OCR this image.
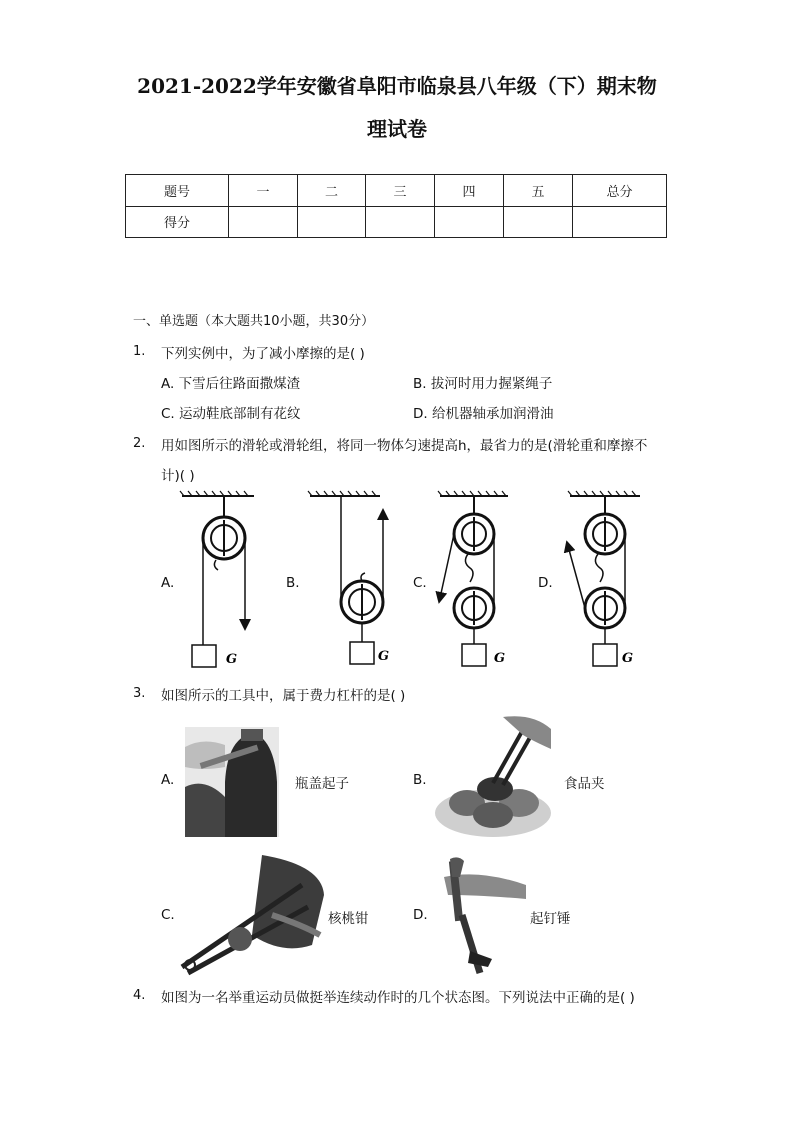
2021-2022学年安徽省阜阳市临泉县八年级（下）期末物
理试卷
题号	一	二	三	四	五	总分
得分						
一、单选题（本大题共10小题，共30分）
1. 下列实例中，为了减小摩擦的是( )
A. 下雪后往路面撒煤渣	B. 拔河时用力握紧绳子
C. 运动鞋底部制有花纹	D. 给机器轴承加润滑油
2. 用如图所示的滑轮或滑轮组，将同一物体匀速提高h，最省力的是(滑轮重和摩擦不
计)( )
A.	B.	C.	D.
G	G	G	G
3. 如图所示的工具中，属于费力杠杆的是( )
A.	B.
C.	D.
瓶盖起子	食品夹
核桃钳	起钉锤
4. 如图为一名举重运动员做挺举连续动作时的几个状态图。下列说法中正确的是( )
